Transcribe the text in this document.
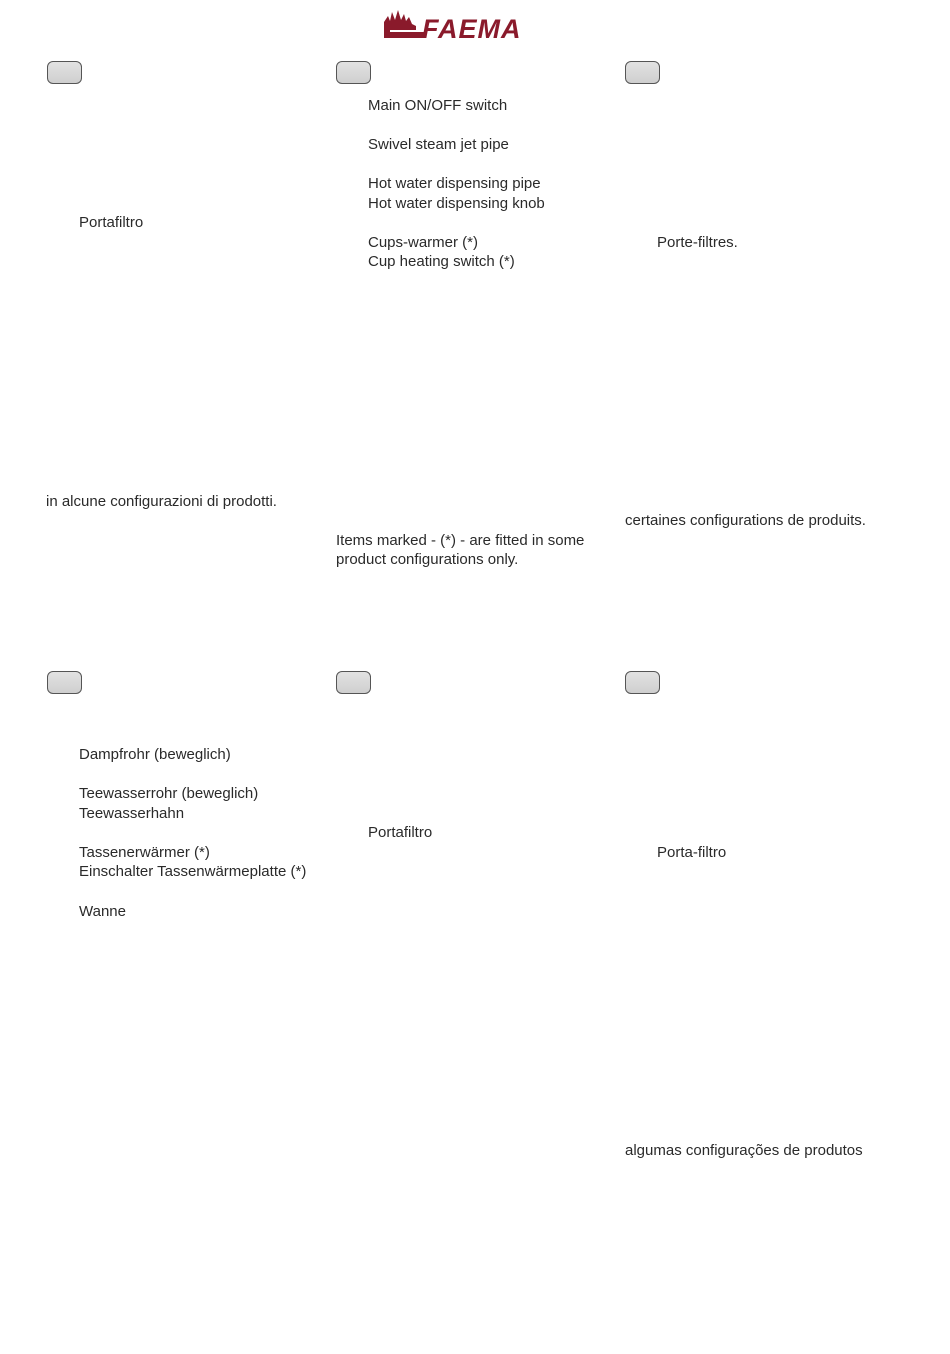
FAEMA
Portafiltro
in alcune configurazioni di prodotti.
Main ON/OFF switch
Swivel steam jet pipe
Hot water dispensing pipe
Hot water dispensing knob
Cups-warmer (*)
Cup heating switch (*)
Items marked - (*) - are fitted in some
product configurations only.
Porte-filtres.
certaines configurations de produits.
Dampfrohr (beweglich)
Teewasserrohr (beweglich)
Teewasserhahn
Tassenerwärmer (*)
Einschalter Tassenwärmeplatte (*)
Wanne
Portafiltro
Porta-filtro
algumas configurações de produtos
